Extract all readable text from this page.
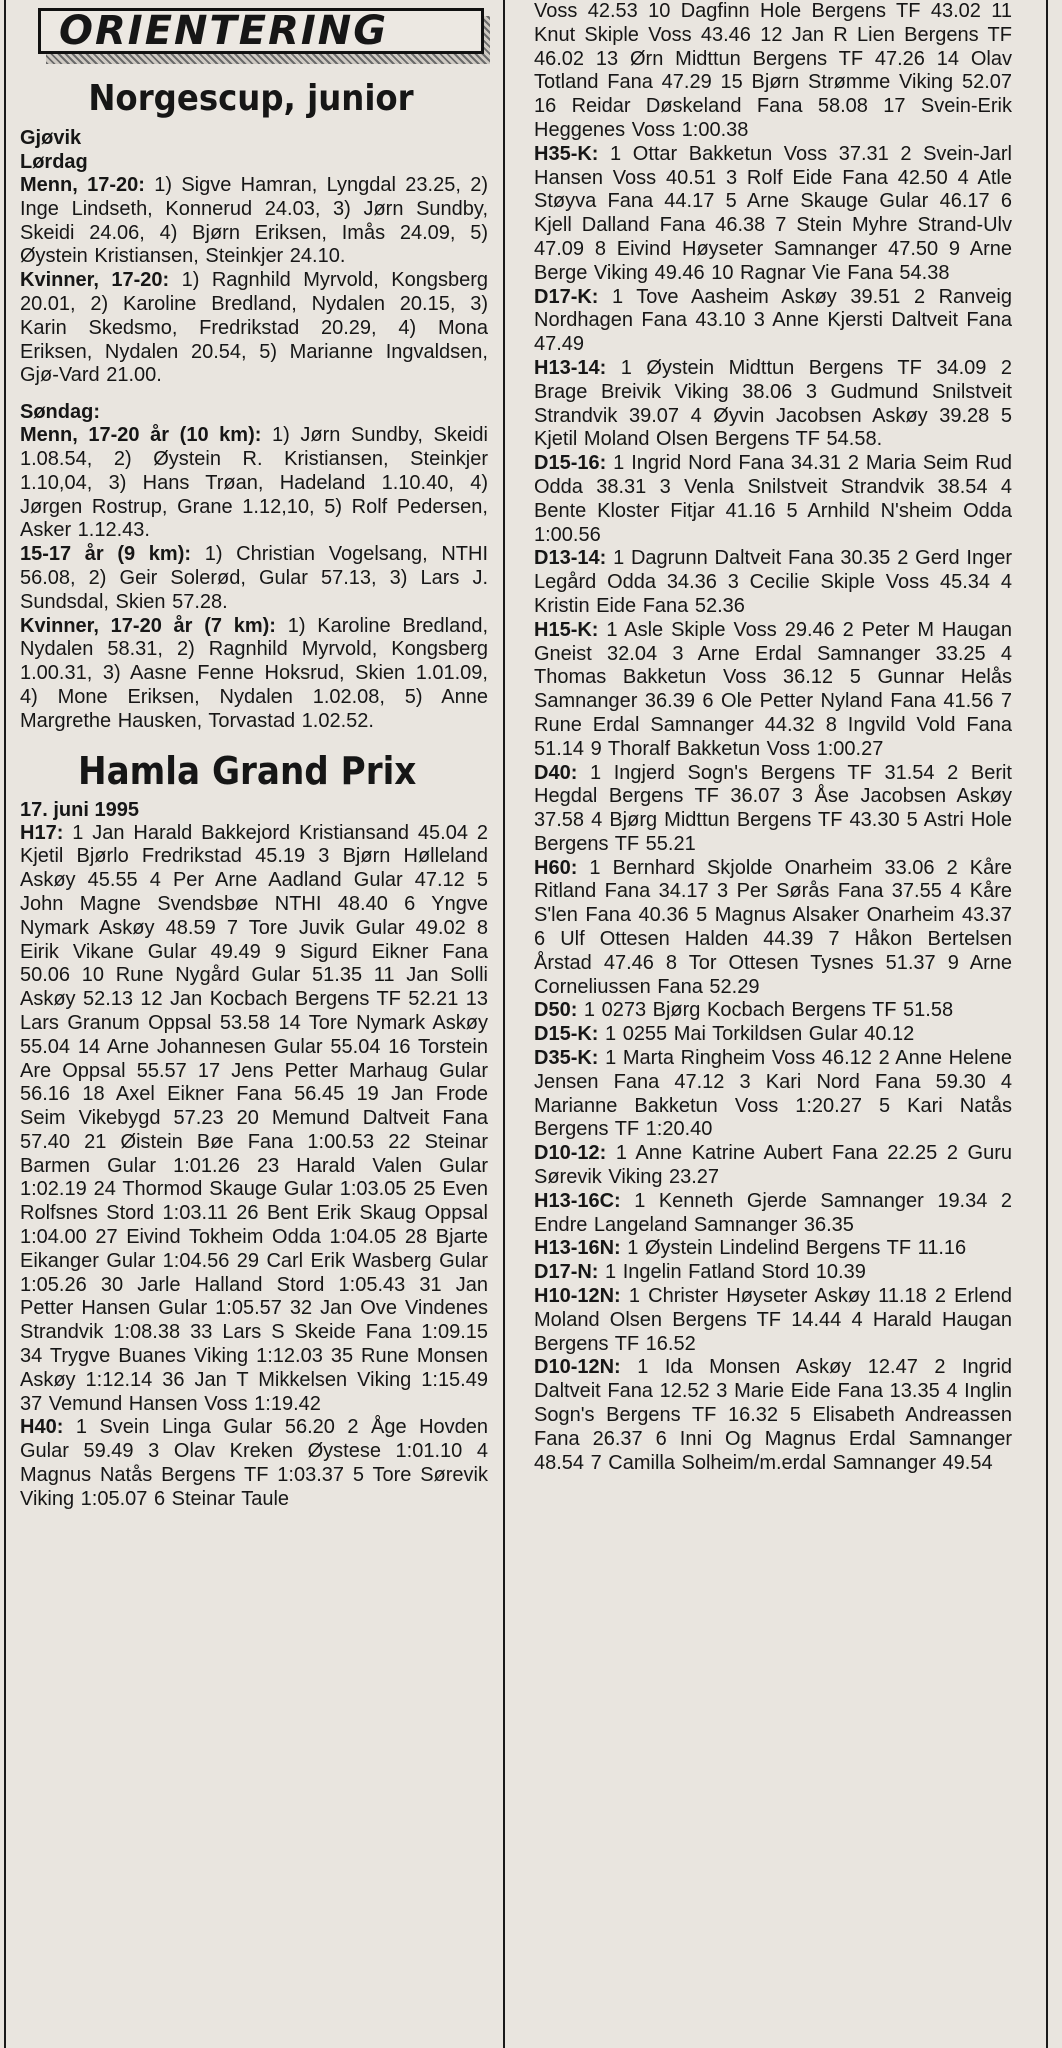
ORIENTERING
Norgescup, junior
Gjøvik
Lørdag

Menn, 17-20: 1) Sigve Hamran, Lyngdal 23.25, 2) Inge Lindseth, Konnerud 24.03, 3) Jørn Sundby, Skeidi 24.06, 4) Bjørn Eriksen, Imås 24.09, 5) Øystein Kristiansen, Steinkjer 24.10.

Kvinner, 17-20: 1) Ragnhild Myrvold, Kongsberg 20.01, 2) Karoline Bredland, Nydalen 20.15, 3) Karin Skedsmo, Fredrikstad 20.29, 4) Mona Eriksen, Nydalen 20.54, 5) Marianne Ingvaldsen, Gjø-Vard 21.00.

Søndag:

Menn, 17-20 år (10 km): 1) Jørn Sundby, Skeidi 1.08.54, 2) Øystein R. Kristiansen, Steinkjer 1.10,04, 3) Hans Trøan, Hadeland 1.10.40, 4) Jørgen Rostrup, Grane 1.12,10, 5) Rolf Pedersen, Asker 1.12.43.

15-17 år (9 km): 1) Christian Vogelsang, NTHI 56.08, 2) Geir Solerød, Gular 57.13, 3) Lars J. Sundsdal, Skien 57.28.

Kvinner, 17-20 år (7 km): 1) Karoline Bredland, Nydalen 58.31, 2) Ragnhild Myrvold, Kongsberg 1.00.31, 3) Aasne Fenne Hoksrud, Skien 1.01.09, 4) Mone Eriksen, Nydalen 1.02.08, 5) Anne Margrethe Hausken, Torvastad 1.02.52.

Hamla Grand Prix
17. juni 1995

H17: 1 Jan Harald Bakkejord Kristiansand 45.04 2 Kjetil Bjørlo Fredrikstad 45.19 3 Bjørn Hølleland Askøy 45.55 4 Per Arne Aadland Gular 47.12 5 John Magne Svendsbøe NTHI 48.40 6 Yngve Nymark Askøy 48.59 7 Tore Juvik Gular 49.02 8 Eirik Vikane Gular 49.49 9 Sigurd Eikner Fana 50.06 10 Rune Nygård Gular 51.35 11 Jan Solli Askøy 52.13 12 Jan Kocbach Bergens TF 52.21 13 Lars Granum Oppsal 53.58 14 Tore Nymark Askøy 55.04 14 Arne Johannesen Gular 55.04 16 Torstein Are Oppsal 55.57 17 Jens Petter Marhaug Gular 56.16 18 Axel Eikner Fana 56.45 19 Jan Frode Seim Vikebygd 57.23 20 Memund Daltveit Fana 57.40 21 Øistein Bøe Fana 1:00.53 22 Steinar Barmen Gular 1:01.26 23 Harald Valen Gular 1:02.19 24 Thormod Skauge Gular 1:03.05 25 Even Rolfsnes Stord 1:03.11 26 Bent Erik Skaug Oppsal 1:04.00 27 Eivind Tokheim Odda 1:04.05 28 Bjarte Eikanger Gular 1:04.56 29 Carl Erik Wasberg Gular 1:05.26 30 Jarle Halland Stord 1:05.43 31 Jan Petter Hansen Gular 1:05.57 32 Jan Ove Vindenes Strandvik 1:08.38 33 Lars S Skeide Fana 1:09.15 34 Trygve Buanes Viking 1:12.03 35 Rune Monsen Askøy 1:12.14 36 Jan T Mikkelsen Viking 1:15.49 37 Vemund Hansen Voss 1:19.42

H40: 1 Svein Linga Gular 56.20 2 Åge Hovden Gular 59.49 3 Olav Kreken Øystese 1:01.10 4 Magnus Natås Bergens TF 1:03.37 5 Tore Sørevik Viking 1:05.07 6 Steinar Taule

Voss 42.53 10 Dagfinn Hole Bergens TF 43.02 11 Knut Skiple Voss 43.46 12 Jan R Lien Bergens TF 46.02 13 Ørn Midttun Bergens TF 47.26 14 Olav Totland Fana 47.29 15 Bjørn Strømme Viking 52.07 16 Reidar Døskeland Fana 58.08 17 Svein-Erik Heggenes Voss 1:00.38

H35-K: 1 Ottar Bakketun Voss 37.31 2 Svein-Jarl Hansen Voss 40.51 3 Rolf Eide Fana 42.50 4 Atle Støyva Fana 44.17 5 Arne Skauge Gular 46.17 6 Kjell Dalland Fana 46.38 7 Stein Myhre Strand-Ulv 47.09 8 Eivind Høyseter Samnanger 47.50 9 Arne Berge Viking 49.46 10 Ragnar Vie Fana 54.38

D17-K: 1 Tove Aasheim Askøy 39.51 2 Ranveig Nordhagen Fana 43.10 3 Anne Kjersti Daltveit Fana 47.49

H13-14: 1 Øystein Midttun Bergens TF 34.09 2 Brage Breivik Viking 38.06 3 Gudmund Snilstveit Strandvik 39.07 4 Øyvin Jacobsen Askøy 39.28 5 Kjetil Moland Olsen Bergens TF 54.58.

D15-16: 1 Ingrid Nord Fana 34.31 2 Maria Seim Rud Odda 38.31 3 Venla Snilstveit Strandvik 38.54 4 Bente Kloster Fitjar 41.16 5 Arnhild N'sheim Odda 1:00.56

D13-14: 1 Dagrunn Daltveit Fana 30.35 2 Gerd Inger Legård Odda 34.36 3 Cecilie Skiple Voss 45.34 4 Kristin Eide Fana 52.36

H15-K: 1 Asle Skiple Voss 29.46 2 Peter M Haugan Gneist 32.04 3 Arne Erdal Samnanger 33.25 4 Thomas Bakketun Voss 36.12 5 Gunnar Helås Samnanger 36.39 6 Ole Petter Nyland Fana 41.56 7 Rune Erdal Samnanger 44.32 8 Ingvild Vold Fana 51.14 9 Thoralf Bakketun Voss 1:00.27

D40: 1 Ingjerd Sogn's Bergens TF 31.54 2 Berit Hegdal Bergens TF 36.07 3 Åse Jacobsen Askøy 37.58 4 Bjørg Midttun Bergens TF 43.30 5 Astri Hole Bergens TF 55.21

H60: 1 Bernhard Skjolde Onarheim 33.06 2 Kåre Ritland Fana 34.17 3 Per Sørås Fana 37.55 4 Kåre S'len Fana 40.36 5 Magnus Alsaker Onarheim 43.37 6 Ulf Ottesen Halden 44.39 7 Håkon Bertelsen Årstad 47.46 8 Tor Ottesen Tysnes 51.37 9 Arne Corneliussen Fana 52.29

D50: 1 0273 Bjørg Kocbach Bergens TF 51.58

D15-K: 1 0255 Mai Torkildsen Gular 40.12

D35-K: 1 Marta Ringheim Voss 46.12 2 Anne Helene Jensen Fana 47.12 3 Kari Nord Fana 59.30 4 Marianne Bakketun Voss 1:20.27 5 Kari Natås Bergens TF 1:20.40

D10-12: 1 Anne Katrine Aubert Fana 22.25 2 Guru Sørevik Viking 23.27

H13-16C: 1 Kenneth Gjerde Samnanger 19.34 2 Endre Langeland Samnanger 36.35

H13-16N: 1 Øystein Lindelind Bergens TF 11.16

D17-N: 1 Ingelin Fatland Stord 10.39

H10-12N: 1 Christer Høyseter Askøy 11.18 2 Erlend Moland Olsen Bergens TF 14.44 4 Harald Haugan Bergens TF 16.52

D10-12N: 1 Ida Monsen Askøy 12.47 2 Ingrid Daltveit Fana 12.52 3 Marie Eide Fana 13.35 4 Inglin Sogn's Bergens TF 16.32 5 Elisabeth Andreassen Fana 26.37 6 Inni Og Magnus Erdal Samnanger 48.54 7 Camilla Solheim/m.erdal Samnanger 49.54
